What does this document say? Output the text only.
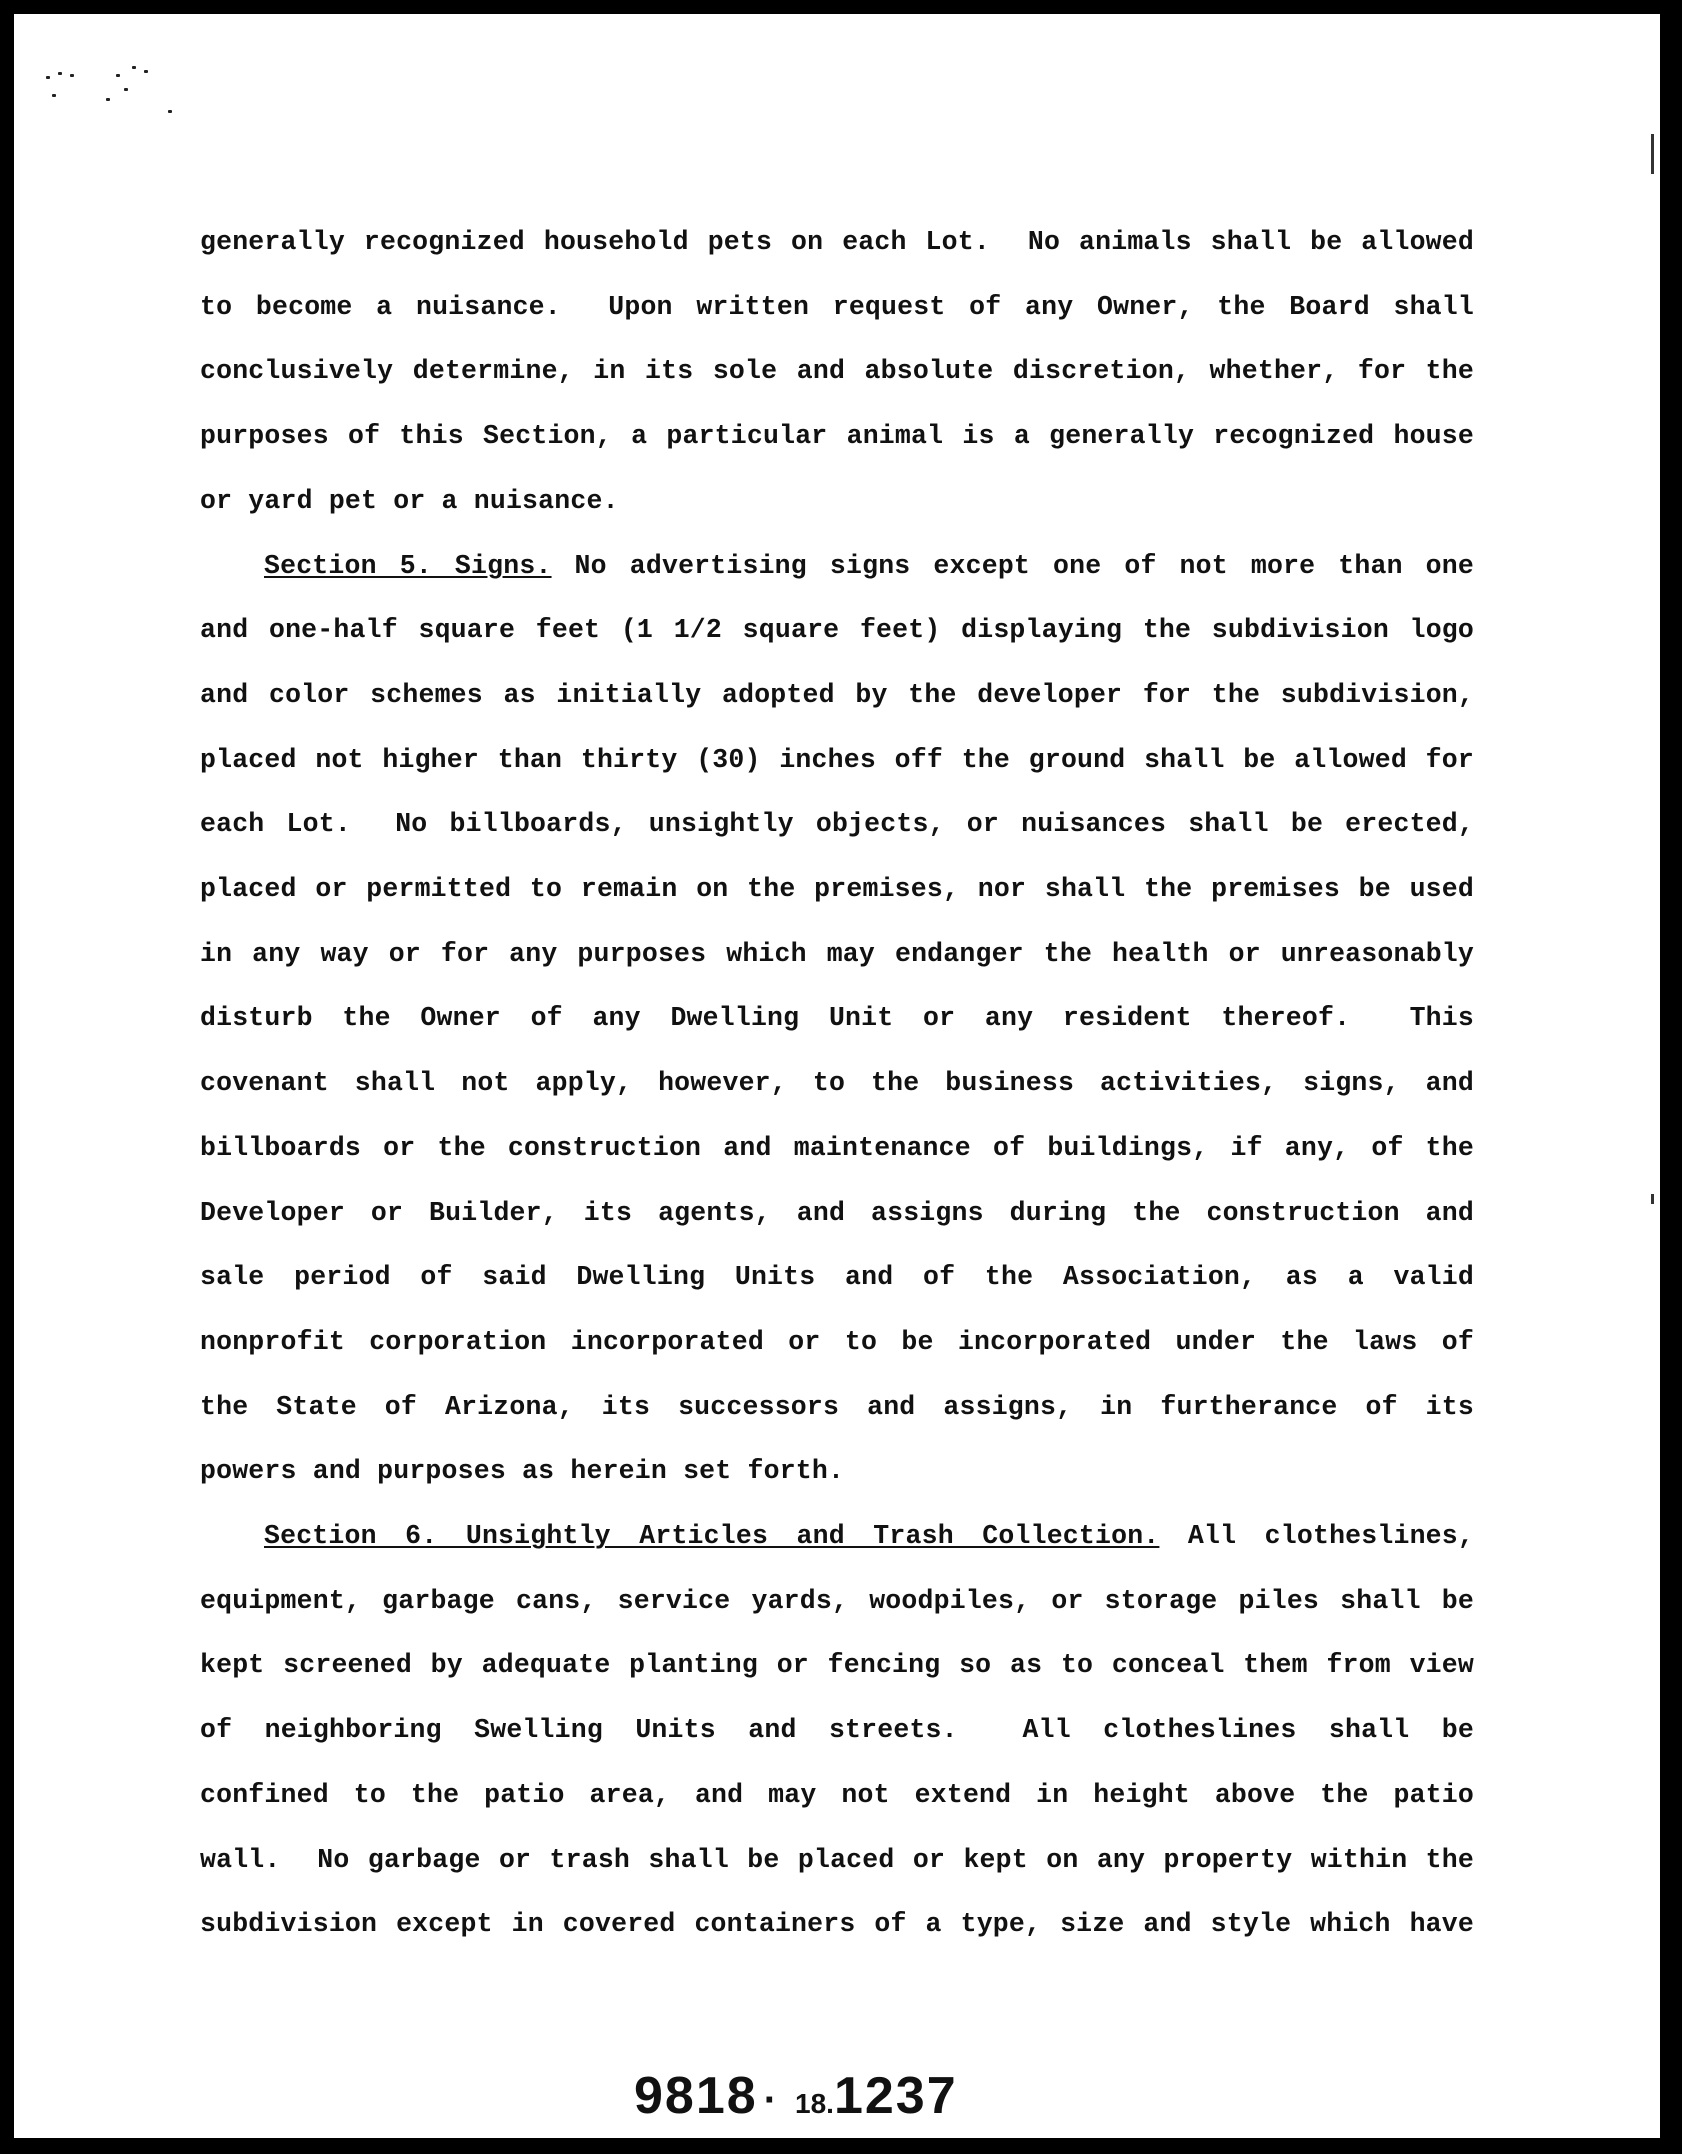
generally recognized household pets on each Lot.  No animals shall be allowed
to become a nuisance.  Upon written request of any Owner, the Board shall
conclusively determine, in its sole and absolute discretion, whether, for the
purposes of this Section, a particular animal is a generally recognized house
or yard pet or a nuisance.
Section 5. Signs. No advertising signs except one of not more than one
and one-half square feet (1 1/2 square feet) displaying the subdivision logo
and color schemes as initially adopted by the developer for the subdivision,
placed not higher than thirty (30) inches off the ground shall be allowed for
each Lot.  No billboards, unsightly objects, or nuisances shall be erected,
placed or permitted to remain on the premises, nor shall the premises be used
in any way or for any purposes which may endanger the health or unreasonably
disturb the Owner of any Dwelling Unit or any resident thereof.  This
covenant shall not apply, however, to the business activities, signs, and
billboards or the construction and maintenance of buildings, if any, of the
Developer or Builder, its agents, and assigns during the construction and
sale period of said Dwelling Units and of the Association, as a valid
nonprofit corporation incorporated or to be incorporated under the laws of
the State of Arizona, its successors and assigns, in furtherance of its
powers and purposes as herein set forth.
Section 6. Unsightly Articles and Trash Collection. All clotheslines,
equipment, garbage cans, service yards, woodpiles, or storage piles shall be
kept screened by adequate planting or fencing so as to conceal them from view
of neighboring Swelling Units and streets.  All clotheslines shall be
confined to the patio area, and may not extend in height above the patio
wall.  No garbage or trash shall be placed or kept on any property within the
subdivision except in covered containers of a type, size and style which have
9818 · 18.1237
